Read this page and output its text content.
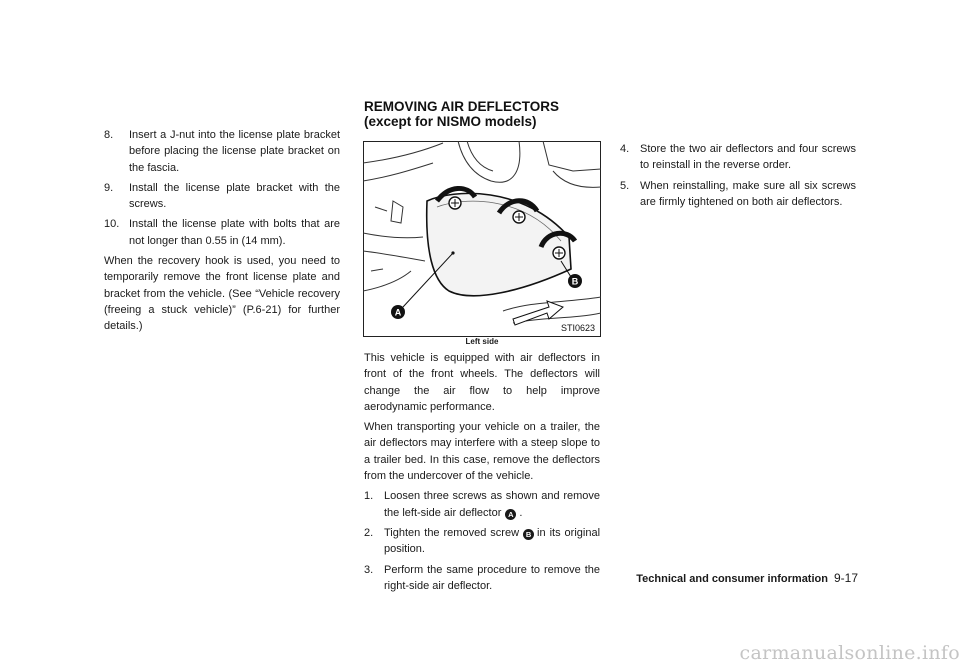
8.	Insert a J-nut into the license plate bracket before placing the license plate bracket on the fascia.
9.	Install the license plate bracket with the screws.
10. Install the license plate with bolts that are not longer than 0.55 in (14 mm).

When the recovery hook is used, you need to temporarily remove the front license plate and bracket from the vehicle. (See “Vehicle recovery (freeing a stuck vehicle)” (P.6-21) for further details.)

REMOVING AIR DEFLECTORS
(except for NISMO models)
A
B
STI0623
Left side

This vehicle is equipped with air deflectors in front of the front wheels. The deflectors will change the air flow to help improve aerodynamic performance.

When transporting your vehicle on a trailer, the air deflectors may interfere with a steep slope to a trailer bed. In this case, remove the deflectors from the undercover of the vehicle.

1. Loosen three screws as shown and remove the left-side air deflector A .
2. Tighten the removed screw B in its original position.
3. Perform the same procedure to remove the right-side air deflector.
4. Store the two air deflectors and four screws to reinstall in the reverse order.
5. When reinstalling, make sure all six screws are firmly tightened on both air deflectors.
Technical and consumer information 9-17
carmanualsonline.info
